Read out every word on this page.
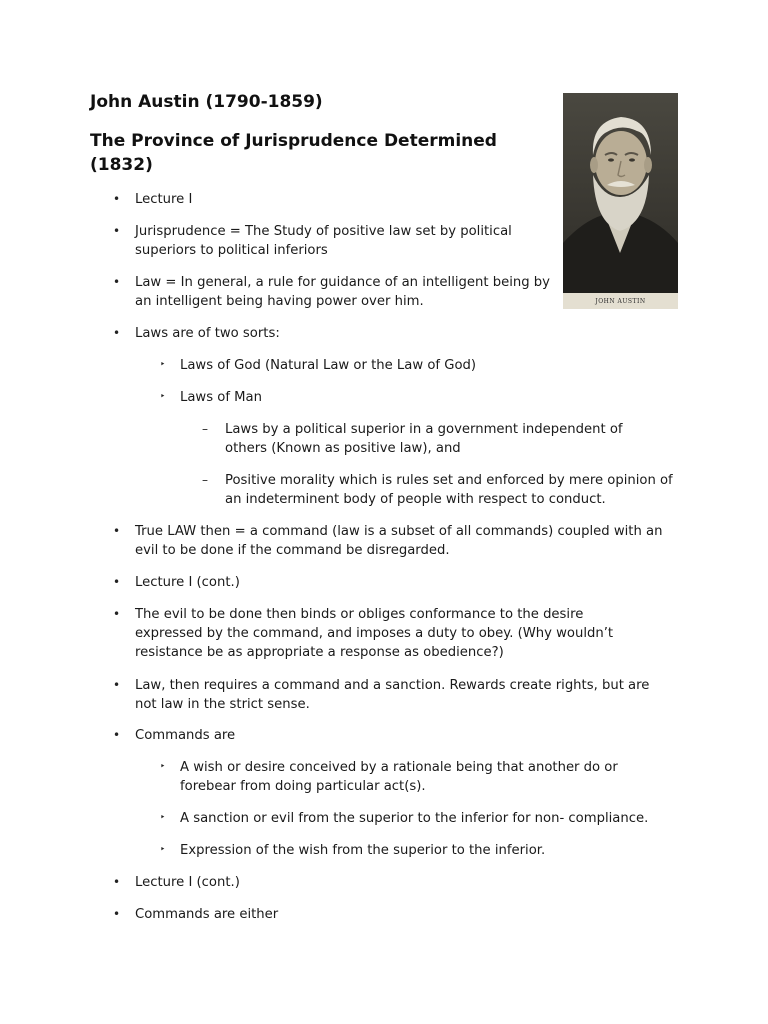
John Austin (1790-1859)
The Province of Jurisprudence Determined (1832)
JOHN AUSTIN
• Lecture I
• Jurisprudence = The Study of positive law set by political superiors to political inferiors
• Law = In general, a rule for guidance of an intelligent being by an intelligent being having power over him.
• Laws are of two sorts:
‣ Laws of God (Natural Law or the Law of God)
‣ Laws of Man
– Laws by a political superior in a government independent of others (Known as positive law), and
– Positive morality which is rules set and enforced by mere opinion of an indeterminent body of people with respect to conduct.
• True LAW then = a command (law is a subset of all commands) coupled with an evil to be done if the command be disregarded.
• Lecture I (cont.)
• The evil to be done then binds or obliges conformance to the desire expressed by the command, and imposes a duty to obey. (Why wouldn’t resistance be as appropriate a response as obedience?)
• Law, then requires a command and a sanction. Rewards create rights, but are not law in the strict sense.
• Commands are
‣ A wish or desire conceived by a rationale being that another do or forebear from doing particular act(s).
‣ A sanction or evil from the superior to the inferior for non- compliance.
‣ Expression of the wish from the superior to the inferior.
• Lecture I (cont.)
• Commands are either
